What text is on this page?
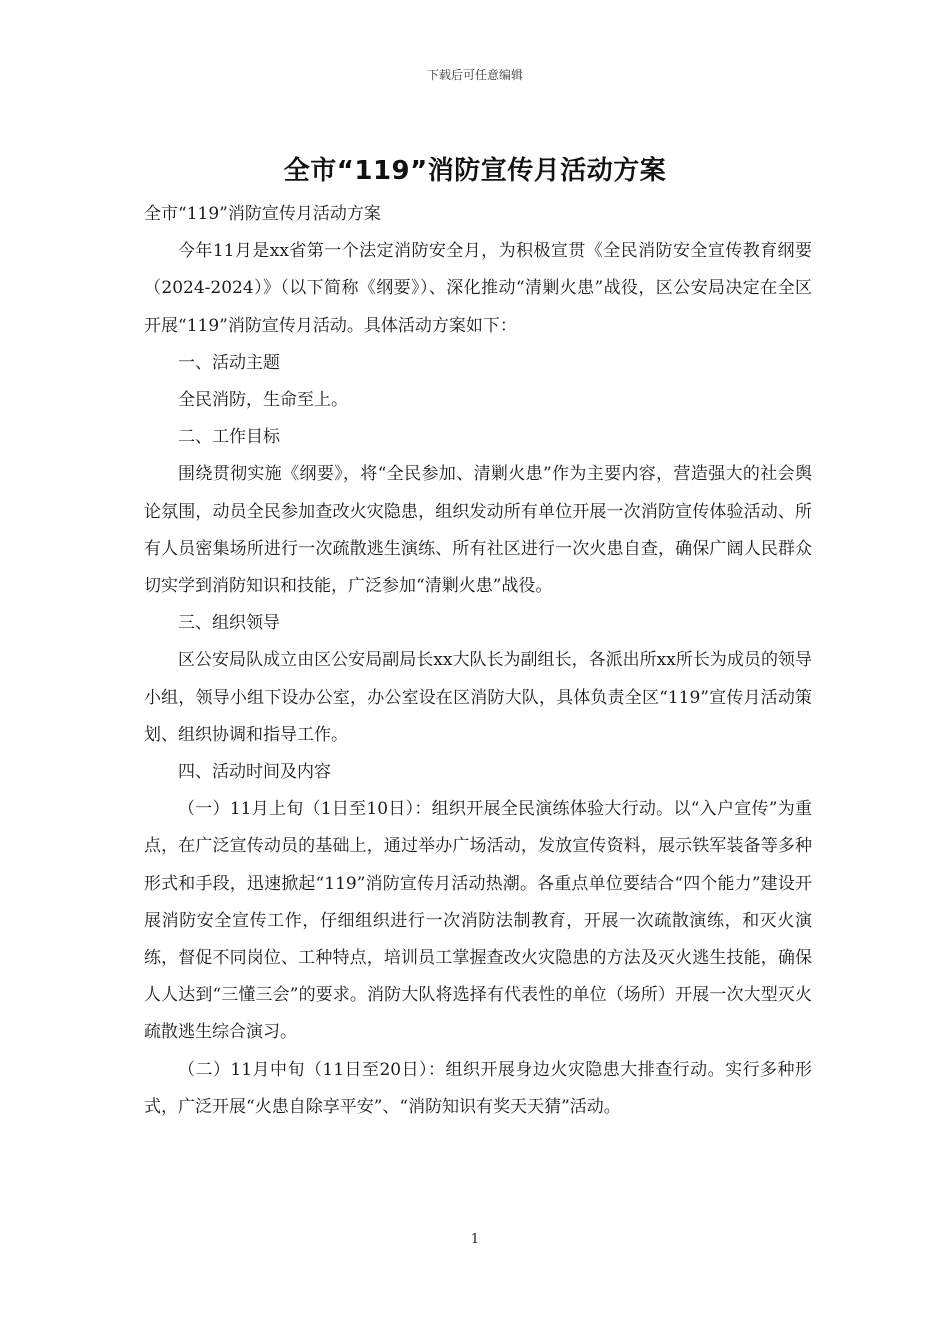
下载后可任意编辑
全市“119”消防宣传月活动方案

全市“119”消防宣传月活动方案

今年11月是xx省第一个法定消防安全月，为积极宣贯《全民消防安全宣传教育纲要（2024-2024）》（以下简称《纲要》）、深化推动“清剿火患”战役，区公安局决定在全区开展“119”消防宣传月活动。具体活动方案如下：

一、活动主题

全民消防，生命至上。

二、工作目标

围绕贯彻实施《纲要》，将“全民参加、清剿火患”作为主要内容，营造强大的社会舆论氛围，动员全民参加查改火灾隐患，组织发动所有单位开展一次消防宣传体验活动、所有人员密集场所进行一次疏散逃生演练、所有社区进行一次火患自查，确保广阔人民群众切实学到消防知识和技能，广泛参加“清剿火患”战役。

三、组织领导

区公安局队成立由区公安局副局长xx大队长为副组长，各派出所xx所长为成员的领导小组，领导小组下设办公室，办公室设在区消防大队，具体负责全区“119”宣传月活动策划、组织协调和指导工作。

四、活动时间及内容

（一）11月上旬（1日至10日）：组织开展全民演练体验大行动。以“入户宣传”为重点，在广泛宣传动员的基础上，通过举办广场活动，发放宣传资料，展示铁军装备等多种形式和手段，迅速掀起“119”消防宣传月活动热潮。各重点单位要结合“四个能力”建设开展消防安全宣传工作，仔细组织进行一次消防法制教育，开展一次疏散演练，和灭火演练，督促不同岗位、工种特点，培训员工掌握查改火灾隐患的方法及灭火逃生技能，确保人人达到“三懂三会”的要求。消防大队将选择有代表性的单位（场所）开展一次大型灭火疏散逃生综合演习。

（二）11月中旬（11日至20日）：组织开展身边火灾隐患大排查行动。实行多种形式，广泛开展“火患自除享平安”、“消防知识有奖天天猜”活动。

1
